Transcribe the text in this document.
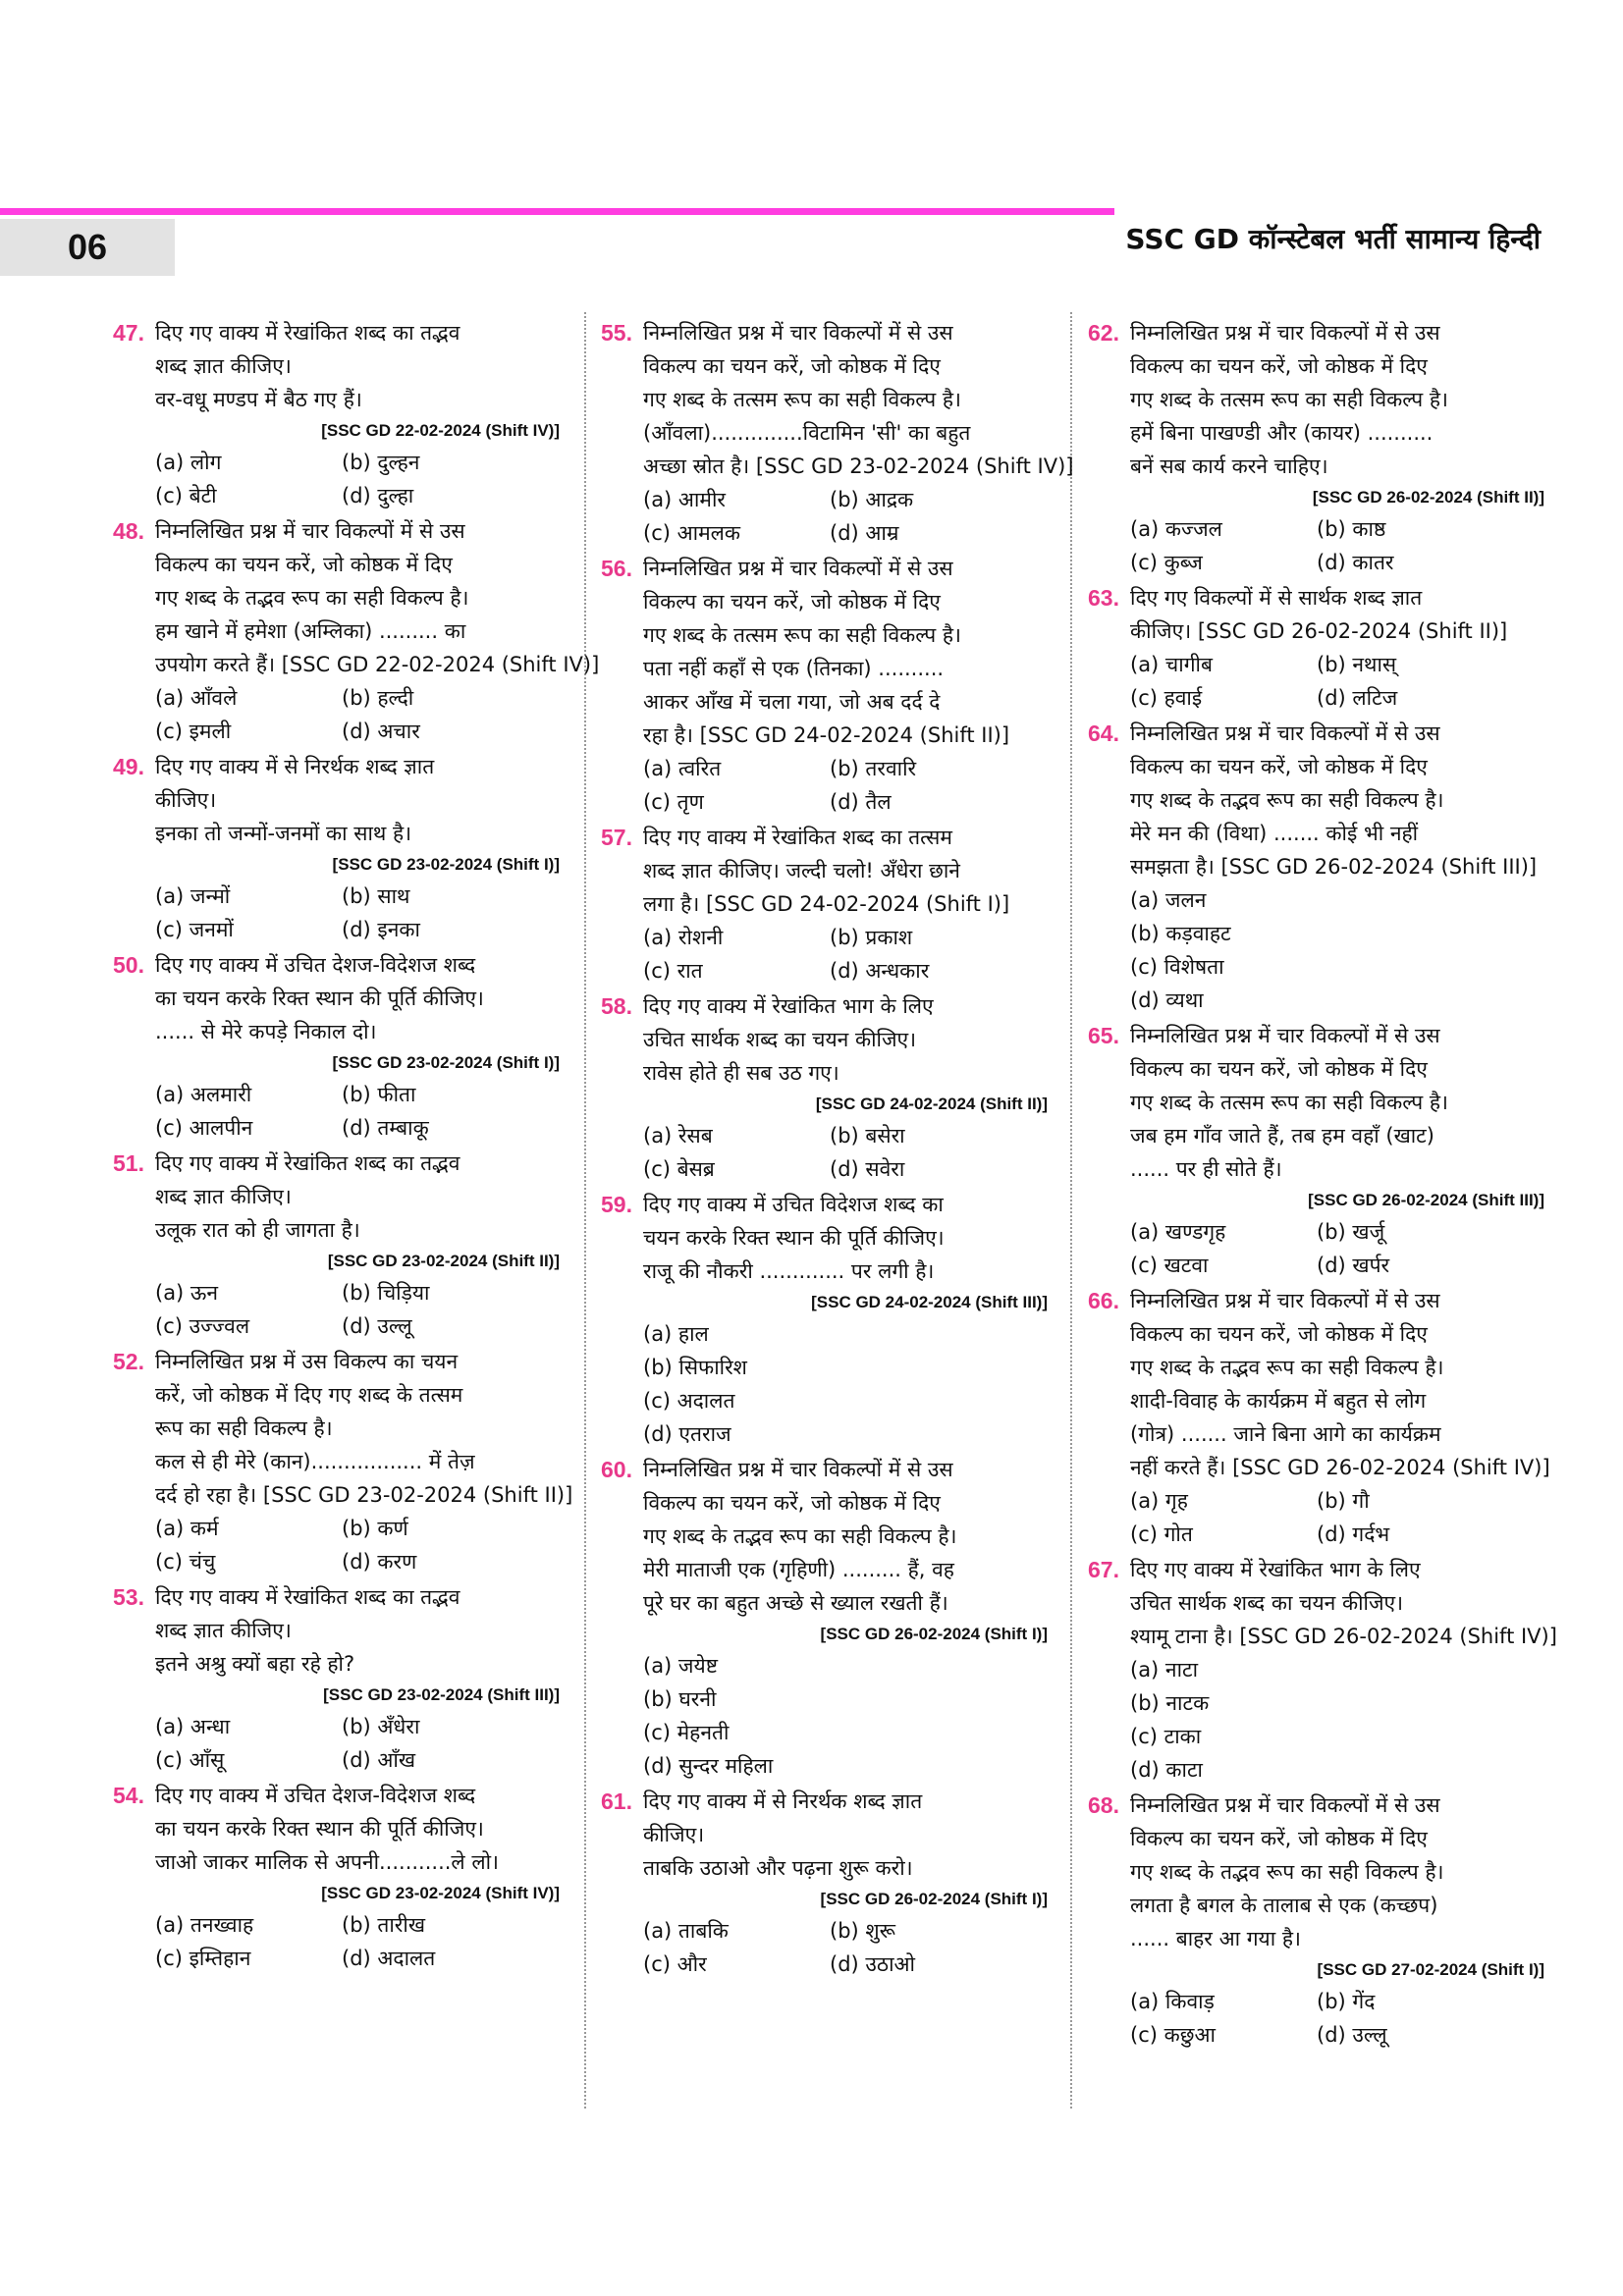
06	SSC GD कॉन्स्टेबल भर्ती सामान्य हिन्दी
47. दिए गए वाक्य में रेखांकित शब्द का तद्भव
शब्द ज्ञात कीजिए।
वर-वधू मण्डप में बैठ गए हैं।
[SSC GD 22-02-2024 (Shift IV)]
(a) लोग	(b) दुल्हन
(c) बेटी	(d) दुल्हा
48. निम्नलिखित प्रश्न में चार विकल्पों में से उस
विकल्प का चयन करें, जो कोष्ठक में दिए
गए शब्द के तद्भव रूप का सही विकल्प है।
हम खाने में हमेशा (अम्लिका) ......... का
उपयोग करते हैं। [SSC GD 22-02-2024 (Shift IV)]
(a) आँवले	(b) हल्दी
(c) इमली	(d) अचार
49. दिए गए वाक्य में से निरर्थक शब्द ज्ञात
कीजिए।
इनका तो जन्मों-जनमों का साथ है।
[SSC GD 23-02-2024 (Shift I)]
(a) जन्मों	(b) साथ
(c) जनमों	(d) इनका
50. दिए गए वाक्य में उचित देशज-विदेशज शब्द
का चयन करके रिक्त स्थान की पूर्ति कीजिए।
...... से मेरे कपड़े निकाल दो।
[SSC GD 23-02-2024 (Shift I)]
(a) अलमारी	(b) फीता
(c) आलपीन	(d) तम्बाकू
51. दिए गए वाक्य में रेखांकित शब्द का तद्भव
शब्द ज्ञात कीजिए।
उलूक रात को ही जागता है।
[SSC GD 23-02-2024 (Shift II)]
(a) ऊन	(b) चिड़िया
(c) उज्ज्वल	(d) उल्लू
52. निम्नलिखित प्रश्न में उस विकल्प का चयन
करें, जो कोष्ठक में दिए गए शब्द के तत्सम
रूप का सही विकल्प है।
कल से ही मेरे (कान)................. में तेज़
दर्द हो रहा है। [SSC GD 23-02-2024 (Shift II)]
(a) कर्म	(b) कर्ण
(c) चंचु	(d) करण
53. दिए गए वाक्य में रेखांकित शब्द का तद्भव
शब्द ज्ञात कीजिए।
इतने अश्रु क्यों बहा रहे हो?
[SSC GD 23-02-2024 (Shift III)]
(a) अन्धा	(b) अँधेरा
(c) आँसू	(d) आँख
54. दिए गए वाक्य में उचित देशज-विदेशज शब्द
का चयन करके रिक्त स्थान की पूर्ति कीजिए।
जाओ जाकर मालिक से अपनी...........ले लो।
[SSC GD 23-02-2024 (Shift IV)]
(a) तनख्वाह	(b) तारीख
(c) इम्तिहान	(d) अदालत
55. निम्नलिखित प्रश्न में चार विकल्पों में से उस
विकल्प का चयन करें, जो कोष्ठक में दिए
गए शब्द के तत्सम रूप का सही विकल्प है।
(आँवला)..............विटामिन 'सी' का बहुत
अच्छा स्रोत है। [SSC GD 23-02-2024 (Shift IV)]
(a) आमीर	(b) आद्रक
(c) आमलक	(d) आम्र
56. निम्नलिखित प्रश्न में चार विकल्पों में से उस
विकल्प का चयन करें, जो कोष्ठक में दिए
गए शब्द के तत्सम रूप का सही विकल्प है।
पता नहीं कहाँ से एक (तिनका) ..........
आकर आँख में चला गया, जो अब दर्द दे
रहा है। [SSC GD 24-02-2024 (Shift II)]
(a) त्वरित	(b) तरवारि
(c) तृण	(d) तैल
57. दिए गए वाक्य में रेखांकित शब्द का तत्सम
शब्द ज्ञात कीजिए। जल्दी चलो! अँधेरा छाने
लगा है। [SSC GD 24-02-2024 (Shift I)]
(a) रोशनी	(b) प्रकाश
(c) रात	(d) अन्धकार
58. दिए गए वाक्य में रेखांकित भाग के लिए
उचित सार्थक शब्द का चयन कीजिए।
रावेस होते ही सब उठ गए।
[SSC GD 24-02-2024 (Shift II)]
(a) रेसब	(b) बसेरा
(c) बेसब्र	(d) सवेरा
59. दिए गए वाक्य में उचित विदेशज शब्द का
चयन करके रिक्त स्थान की पूर्ति कीजिए।
राजू की नौकरी ............. पर लगी है।
[SSC GD 24-02-2024 (Shift III)]
(a) हाल
(b) सिफारिश
(c) अदालत
(d) एतराज
60. निम्नलिखित प्रश्न में चार विकल्पों में से उस
विकल्प का चयन करें, जो कोष्ठक में दिए
गए शब्द के तद्भव रूप का सही विकल्प है।
मेरी माताजी एक (गृहिणी) ......... हैं, वह
पूरे घर का बहुत अच्छे से ख्याल रखती हैं।
[SSC GD 26-02-2024 (Shift I)]
(a) जयेष्ट
(b) घरनी
(c) मेहनती
(d) सुन्दर महिला
61. दिए गए वाक्य में से निरर्थक शब्द ज्ञात
कीजिए।
ताबकि उठाओ और पढ़ना शुरू करो।
[SSC GD 26-02-2024 (Shift I)]
(a) ताबकि	(b) शुरू
(c) और	(d) उठाओ
62. निम्नलिखित प्रश्न में चार विकल्पों में से उस
विकल्प का चयन करें, जो कोष्ठक में दिए
गए शब्द के तत्सम रूप का सही विकल्प है।
हमें बिना पाखण्डी और (कायर) ..........
बनें सब कार्य करने चाहिए।
[SSC GD 26-02-2024 (Shift II)]
(a) कज्जल	(b) काष्ठ
(c) कुब्ज	(d) कातर
63. दिए गए विकल्पों में से सार्थक शब्द ज्ञात
कीजिए। [SSC GD 26-02-2024 (Shift II)]
(a) चागीब	(b) नथास्
(c) हवाई	(d) लटिज
64. निम्नलिखित प्रश्न में चार विकल्पों में से उस
विकल्प का चयन करें, जो कोष्ठक में दिए
गए शब्द के तद्भव रूप का सही विकल्प है।
मेरे मन की (विथा) ....... कोई भी नहीं
समझता है। [SSC GD 26-02-2024 (Shift III)]
(a) जलन
(b) कड़वाहट
(c) विशेषता
(d) व्यथा
65. निम्नलिखित प्रश्न में चार विकल्पों में से उस
विकल्प का चयन करें, जो कोष्ठक में दिए
गए शब्द के तत्सम रूप का सही विकल्प है।
जब हम गाँव जाते हैं, तब हम वहाँ (खाट)
...... पर ही सोते हैं।
[SSC GD 26-02-2024 (Shift III)]
(a) खण्डगृह	(b) खर्जू
(c) खटवा	(d) खर्पर
66. निम्नलिखित प्रश्न में चार विकल्पों में से उस
विकल्प का चयन करें, जो कोष्ठक में दिए
गए शब्द के तद्भव रूप का सही विकल्प है।
शादी-विवाह के कार्यक्रम में बहुत से लोग
(गोत्र) ....... जाने बिना आगे का कार्यक्रम
नहीं करते हैं। [SSC GD 26-02-2024 (Shift IV)]
(a) गृह	(b) गौ
(c) गोत	(d) गर्दभ
67. दिए गए वाक्य में रेखांकित भाग के लिए
उचित सार्थक शब्द का चयन कीजिए।
श्यामू टाना है। [SSC GD 26-02-2024 (Shift IV)]
(a) नाटा
(b) नाटक
(c) टाका
(d) काटा
68. निम्नलिखित प्रश्न में चार विकल्पों में से उस
विकल्प का चयन करें, जो कोष्ठक में दिए
गए शब्द के तद्भव रूप का सही विकल्प है।
लगता है बगल के तालाब से एक (कच्छप)
...... बाहर आ गया है।
[SSC GD 27-02-2024 (Shift I)]
(a) किवाड़	(b) गेंद
(c) कछुआ	(d) उल्लू
